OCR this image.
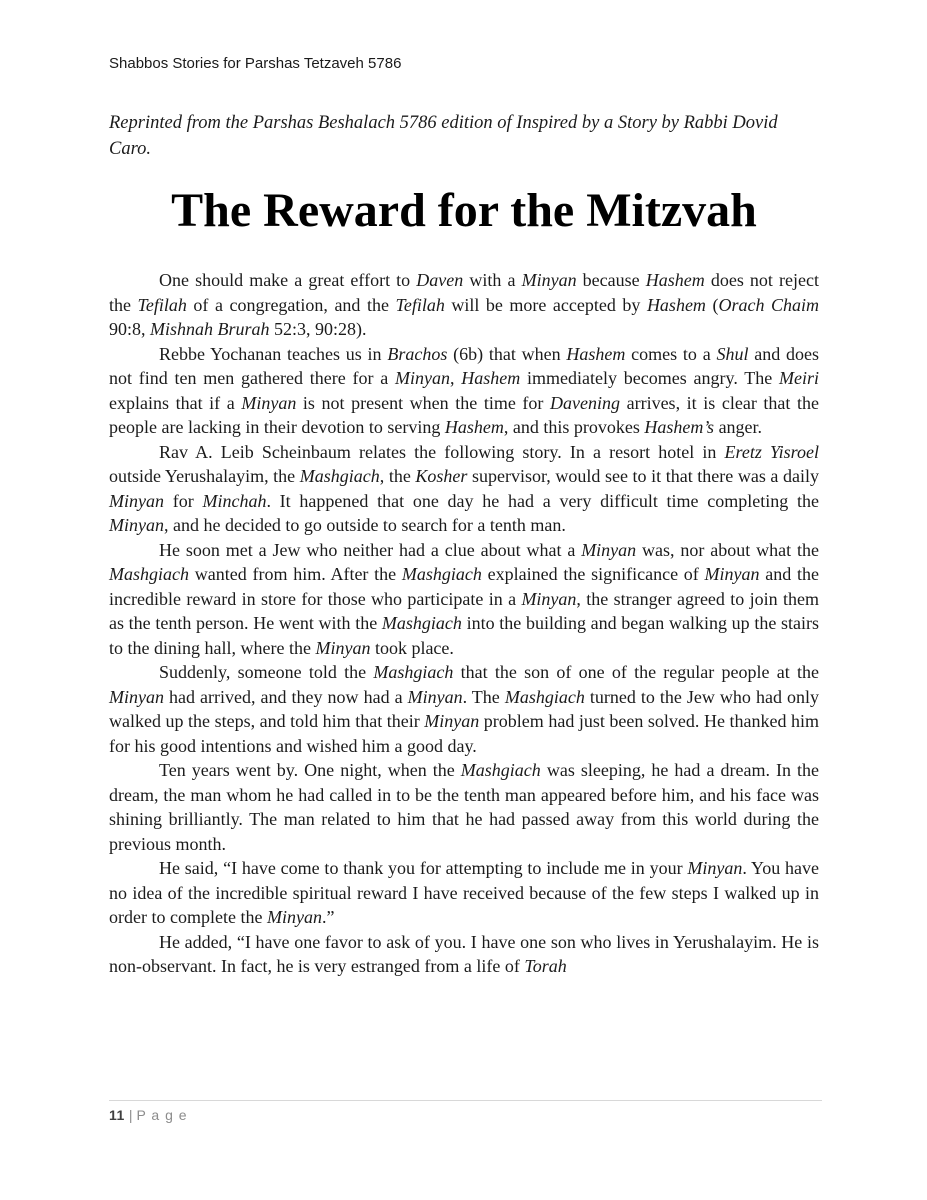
Shabbos Stories for Parshas Tetzaveh 5786
Reprinted from the Parshas Beshalach 5786 edition of Inspired by a Story by Rabbi Dovid Caro.
The Reward for the Mitzvah

One should make a great effort to Daven with a Minyan because Hashem does not reject the Tefilah of a congregation, and the Tefilah will be more accepted by Hashem (Orach Chaim 90:8, Mishnah Brurah 52:3, 90:28).

Rebbe Yochanan teaches us in Brachos (6b) that when Hashem comes to a Shul and does not find ten men gathered there for a Minyan, Hashem immediately becomes angry. The Meiri explains that if a Minyan is not present when the time for Davening arrives, it is clear that the people are lacking in their devotion to serving Hashem, and this provokes Hashem’s anger.

Rav A. Leib Scheinbaum relates the following story. In a resort hotel in Eretz Yisroel outside Yerushalayim, the Mashgiach, the Kosher supervisor, would see to it that there was a daily Minyan for Minchah. It happened that one day he had a very difficult time completing the Minyan, and he decided to go outside to search for a tenth man.

He soon met a Jew who neither had a clue about what a Minyan was, nor about what the Mashgiach wanted from him. After the Mashgiach explained the significance of Minyan and the incredible reward in store for those who participate in a Minyan, the stranger agreed to join them as the tenth person. He went with the Mashgiach into the building and began walking up the stairs to the dining hall, where the Minyan took place.

Suddenly, someone told the Mashgiach that the son of one of the regular people at the Minyan had arrived, and they now had a Minyan. The Mashgiach turned to the Jew who had only walked up the steps, and told him that their Minyan problem had just been solved. He thanked him for his good intentions and wished him a good day.

Ten years went by. One night, when the Mashgiach was sleeping, he had a dream. In the dream, the man whom he had called in to be the tenth man appeared before him, and his face was shining brilliantly. The man related to him that he had passed away from this world during the previous month.

He said, “I have come to thank you for attempting to include me in your Minyan. You have no idea of the incredible spiritual reward I have received because of the few steps I walked up in order to complete the Minyan.”

He added, “I have one favor to ask of you. I have one son who lives in Yerushalayim. He is non-observant. In fact, he is very estranged from a life of Torah

11 | P a g e
